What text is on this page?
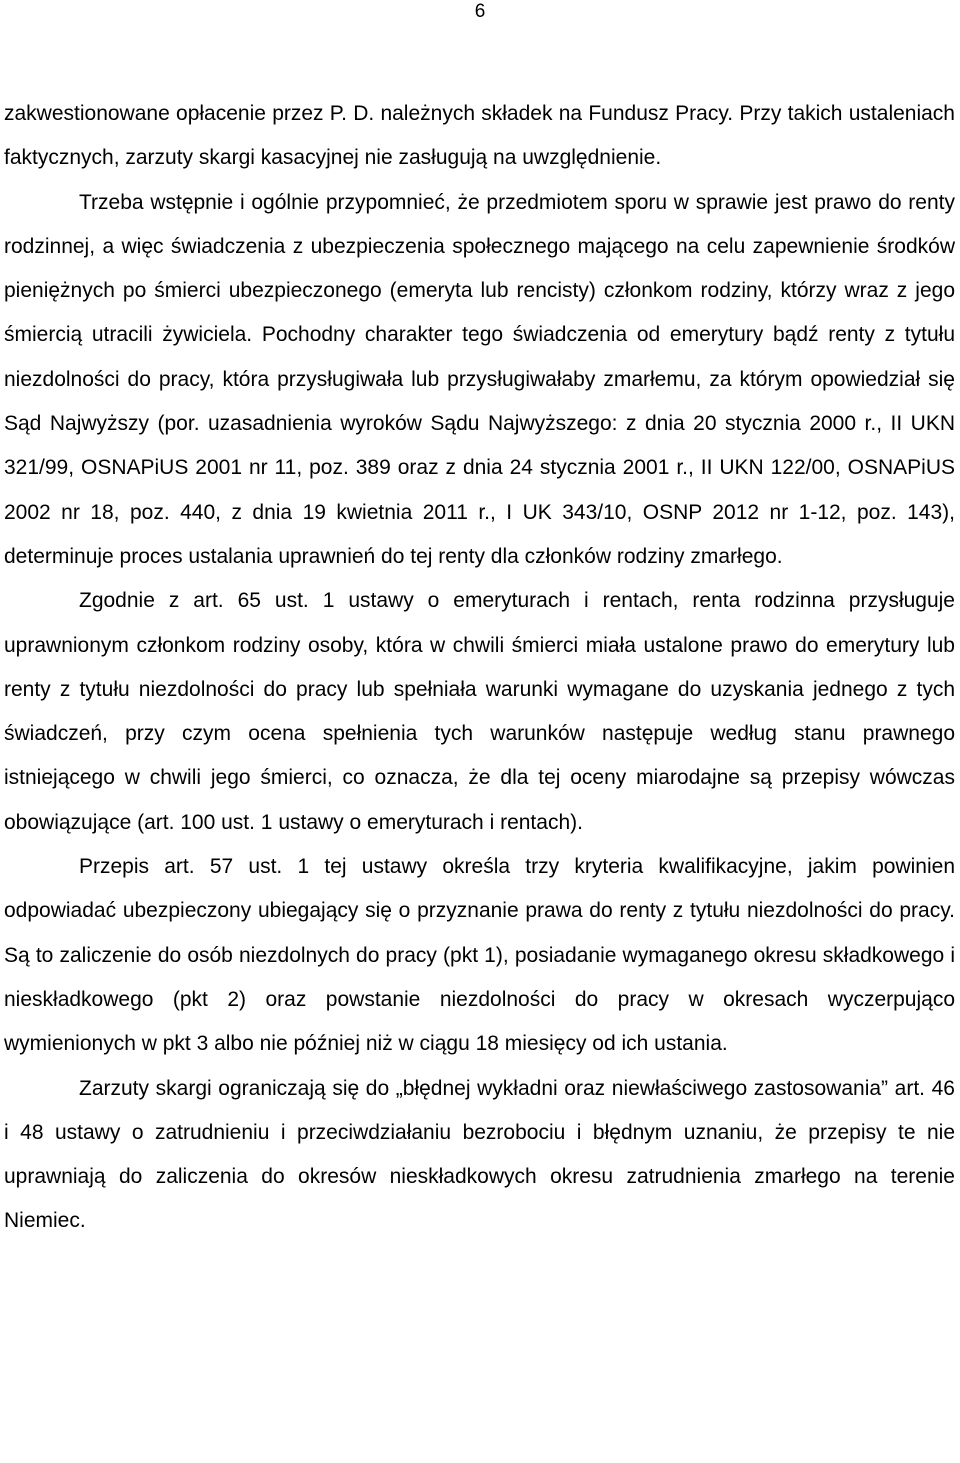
6

zakwestionowane opłacenie przez P. D. należnych składek na Fundusz Pracy. Przy takich ustaleniach faktycznych, zarzuty skargi kasacyjnej nie zasługują na uwzględnienie.

Trzeba wstępnie i ogólnie przypomnieć, że przedmiotem sporu w sprawie jest prawo do renty rodzinnej, a więc świadczenia z ubezpieczenia społecznego mającego na celu zapewnienie środków pieniężnych po śmierci ubezpieczonego (emeryta lub rencisty) członkom rodziny, którzy wraz z jego śmiercią utracili żywiciela. Pochodny charakter tego świadczenia od emerytury bądź renty z tytułu niezdolności do pracy, która przysługiwała lub przysługiwałaby zmarłemu, za którym opowiedział się Sąd Najwyższy (por. uzasadnienia wyroków Sądu Najwyższego: z dnia 20 stycznia 2000 r., II UKN 321/99, OSNAPiUS 2001 nr 11, poz. 389 oraz z dnia 24 stycznia 2001 r., II UKN 122/00, OSNAPiUS 2002 nr 18, poz. 440, z dnia 19 kwietnia 2011 r., I UK 343/10, OSNP 2012 nr 1-12, poz. 143), determinuje proces ustalania uprawnień do tej renty dla członków rodziny zmarłego.

Zgodnie z art. 65 ust. 1 ustawy o emeryturach i rentach, renta rodzinna przysługuje uprawnionym członkom rodziny osoby, która w chwili śmierci miała ustalone prawo do emerytury lub renty z tytułu niezdolności do pracy lub spełniała warunki wymagane do uzyskania jednego z tych świadczeń, przy czym ocena spełnienia tych warunków następuje według stanu prawnego istniejącego w chwili jego śmierci, co oznacza, że dla tej oceny miarodajne są przepisy wówczas obowiązujące (art. 100 ust. 1 ustawy o emeryturach i rentach).

Przepis art. 57 ust. 1 tej ustawy określa trzy kryteria kwalifikacyjne, jakim powinien odpowiadać ubezpieczony ubiegający się o przyznanie prawa do renty z tytułu niezdolności do pracy. Są to zaliczenie do osób niezdolnych do pracy (pkt 1), posiadanie wymaganego okresu składkowego i nieskładkowego (pkt 2) oraz powstanie niezdolności do pracy w okresach wyczerpująco wymienionych w pkt 3 albo nie później niż w ciągu 18 miesięcy od ich ustania.

Zarzuty skargi ograniczają się do „błędnej wykładni oraz niewłaściwego zastosowania” art. 46 i 48 ustawy o zatrudnieniu i przeciwdziałaniu bezrobociu i błędnym uznaniu, że przepisy te nie uprawniają do zaliczenia do okresów nieskładkowych okresu zatrudnienia zmarłego na terenie Niemiec.
